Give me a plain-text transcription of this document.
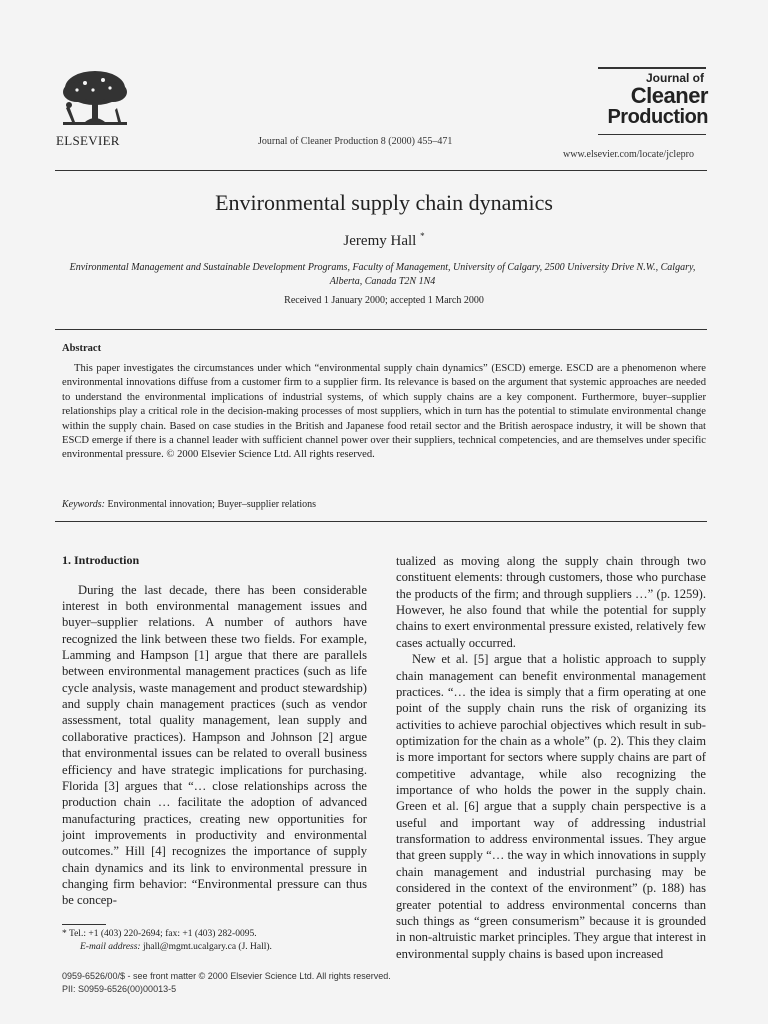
ELSEVIER	Journal of Cleaner Production 8 (2000) 455–471
Journal of
Cleaner
Production
www.elsevier.com/locate/jclepro
Environmental supply chain dynamics
Jeremy Hall *
Environmental Management and Sustainable Development Programs, Faculty of Management, University of Calgary, 2500 University Drive N.W., Calgary, Alberta, Canada T2N 1N4
Received 1 January 2000; accepted 1 March 2000
Abstract
This paper investigates the circumstances under which “environmental supply chain dynamics” (ESCD) emerge. ESCD are a phenomenon where environmental innovations diffuse from a customer firm to a supplier firm. Its relevance is based on the argument that systemic approaches are needed to understand the environmental implications of industrial systems, of which supply chains are a key component. Furthermore, buyer–supplier relationships play a critical role in the decision-making processes of most suppliers, which in turn has the potential to stimulate environmental change within the supply chain. Based on case studies in the British and Japanese food retail sector and the British aerospace industry, it will be shown that ESCD emerge if there is a channel leader with sufficient channel power over their suppliers, technical competencies, and are themselves under specific environmental pressure. © 2000 Elsevier Science Ltd. All rights reserved.
Keywords: Environmental innovation; Buyer–supplier relations
1. Introduction

During the last decade, there has been considerable interest in both environmental management issues and buyer–supplier relations. A number of authors have recognized the link between these two fields. For example, Lamming and Hampson [1] argue that there are parallels between environmental management practices (such as life cycle analysis, waste management and product stewardship) and supply chain management practices (such as vendor assessment, total quality management, lean supply and collaborative practices). Hampson and Johnson [2] argue that environmental issues can be related to overall business efficiency and have strategic implications for purchasing. Florida [3] argues that “… close relationships across the production chain … facilitate the adoption of advanced manufacturing practices, creating new opportunities for joint improvements in productivity and environmental outcomes.” Hill [4] recognizes the importance of supply chain dynamics and its link to environmental pressure in changing firm behavior: “Environmental pressure can thus be concep-

tualized as moving along the supply chain through two constituent elements: through customers, those who purchase the products of the firm; and through suppliers …” (p. 1259). However, he also found that while the potential for supply chains to exert environmental pressure existed, relatively few cases actually occurred.

New et al. [5] argue that a holistic approach to supply chain management can benefit environmental management practices. “… the idea is simply that a firm operating at one point of the supply chain runs the risk of organizing its activities to achieve parochial objectives which result in sub-optimization for the chain as a whole” (p. 2). This they claim is more important for sectors where supply chains are part of competitive advantage, while also recognizing the importance of who holds the power in the supply chain. Green et al. [6] argue that a supply chain perspective is a useful and important way of addressing industrial transformation to address environmental issues. They argue that green supply “… the way in which innovations in supply chain management and industrial purchasing may be considered in the context of the environment” (p. 188) has greater potential to address environmental concerns than such things as “green consumerism” because it is grounded in non-altruistic market principles. They argue that interest in environmental supply chains is based upon increased

* Tel.: +1 (403) 220-2694; fax: +1 (403) 282-0095.
E-mail address: jhall@mgmt.ucalgary.ca (J. Hall).
0959-6526/00/$ - see front matter © 2000 Elsevier Science Ltd. All rights reserved.
PII: S0959-6526(00)00013-5
